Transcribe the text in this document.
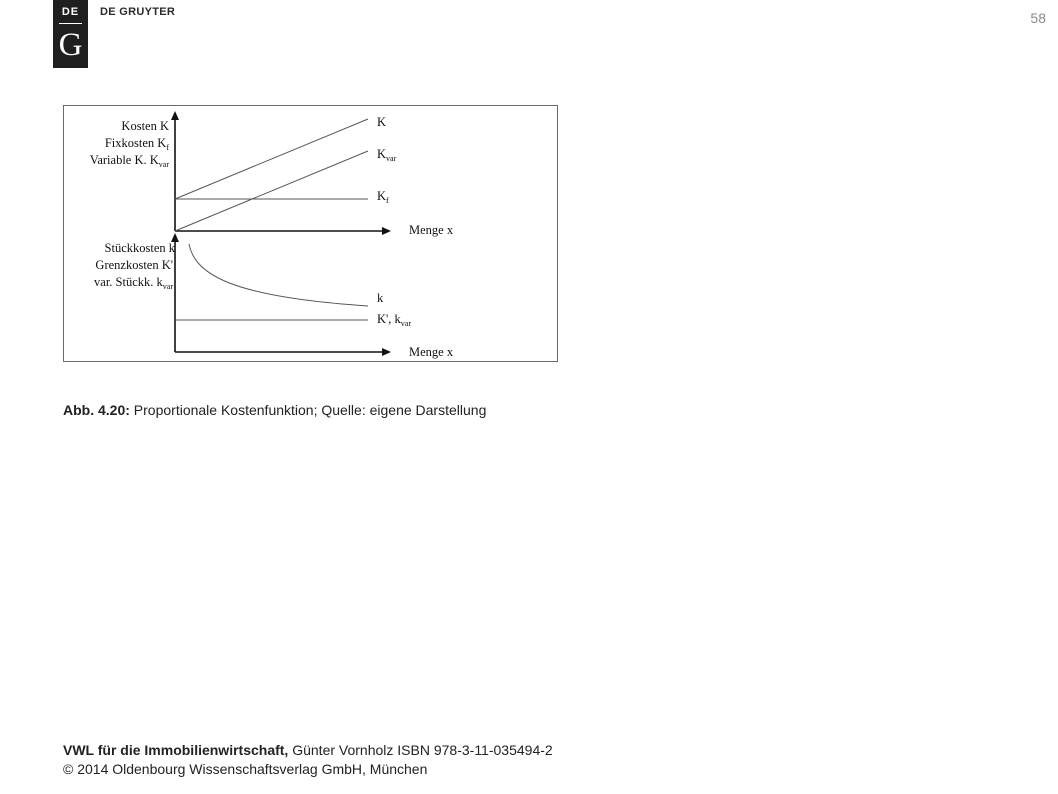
DE
G
DE GRUYTER	58
Kosten K
Fixkosten $K_f$
Variable K. $K_{var}$
K
$K_{var}$
$K_f$
Menge x
Stückkosten k
Grenzkosten K'
var. Stückk. $k_{var}$
k
K', $k_{var}$
Menge x
Abb. 4.20: Proportionale Kostenfunktion; Quelle: eigene Darstellung
VWL für die Immobilienwirtschaft, Günter Vornholz ISBN 978-3-11-035494-2
© 2014 Oldenbourg Wissenschaftsverlag GmbH, München
